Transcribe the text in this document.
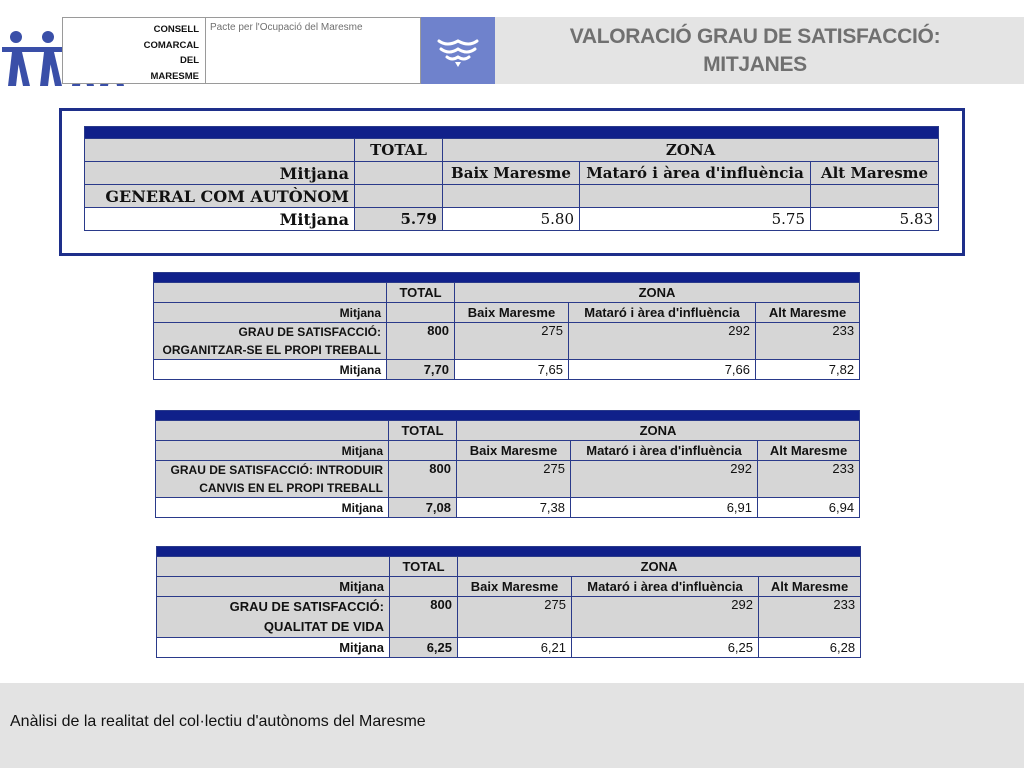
CONSELL
COMARCAL
DEL
MARESME
Pacte per l'Ocupació del Maresme	VALORACIÓ GRAU DE SATISFACCIÓ:
MITJANES

	TOTAL	ZONA		
Mitjana		Baix Maresme	Mataró i àrea d'influència	Alt Maresme
GENERAL COM AUTÒNOM				
Mitjana	5.79	5.80	5.75	5.83

	TOTAL	ZONA		
Mitjana		Baix Maresme	Mataró i àrea d'influència	Alt Maresme
GRAU DE SATISFACCIÓ:
ORGANITZAR-SE EL PROPI TREBALL	800	275	292	233
Mitjana	7,70	7,65	7,66	7,82

	TOTAL	ZONA		
Mitjana		Baix Maresme	Mataró i àrea d'influència	Alt Maresme
GRAU DE SATISFACCIÓ: INTRODUIR
CANVIS EN EL PROPI TREBALL	800	275	292	233
Mitjana	7,08	7,38	6,91	6,94

	TOTAL	ZONA		
Mitjana		Baix Maresme	Mataró i àrea d'influència	Alt Maresme
GRAU DE SATISFACCIÓ:
QUALITAT DE VIDA	800	275	292	233
Mitjana	6,25	6,21	6,25	6,28
Anàlisi de la realitat del col·lectiu d'autònoms del Maresme
